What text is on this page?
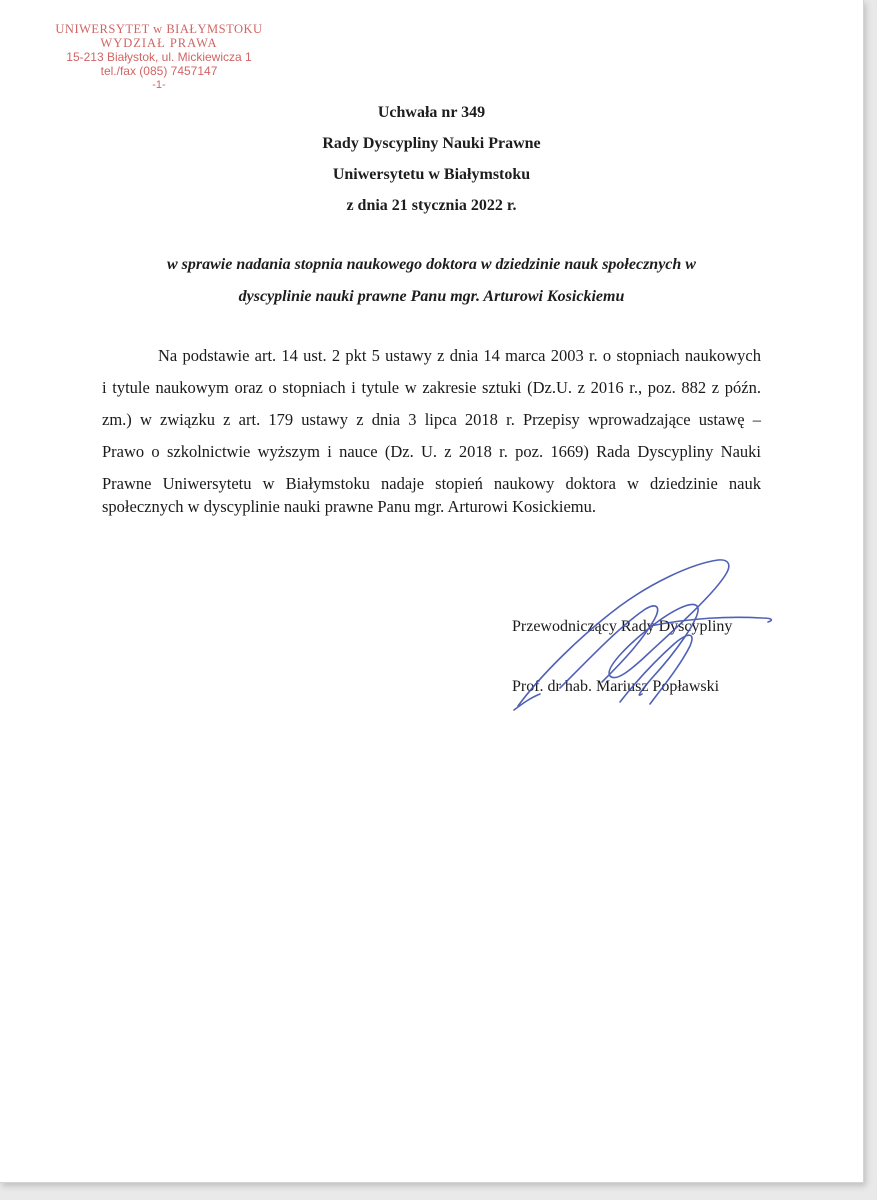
UNIWERSYTET w BIAŁYMSTOKU
WYDZIAŁ PRAWA
15-213 Białystok, ul. Mickiewicza 1
tel./fax (085) 7457147
-1-
Uchwała nr 349
Rady Dyscypliny Nauki Prawne
Uniwersytetu w Białymstoku
z dnia 21 stycznia 2022 r.
w sprawie nadania stopnia naukowego doktora w dziedzinie nauk społecznych w
dyscyplinie nauki prawne Panu mgr. Arturowi Kosickiemu
Na podstawie art. 14 ust. 2 pkt 5 ustawy z dnia 14 marca 2003 r. o stopniach naukowych
i tytule naukowym oraz o stopniach i tytule w zakresie sztuki (Dz.U. z 2016 r., poz. 882 z późn.
zm.) w związku z art. 179 ustawy z dnia 3 lipca 2018 r. Przepisy wprowadzające ustawę –
Prawo o szkolnictwie wyższym i nauce (Dz. U. z 2018 r. poz. 1669) Rada Dyscypliny Nauki
Prawne Uniwersytetu w Białymstoku nadaje stopień naukowy doktora w dziedzinie nauk
społecznych w dyscyplinie nauki prawne Panu mgr. Arturowi Kosickiemu.
Przewodniczący Rady Dyscypliny
Prof. dr hab. Mariusz Popławski
